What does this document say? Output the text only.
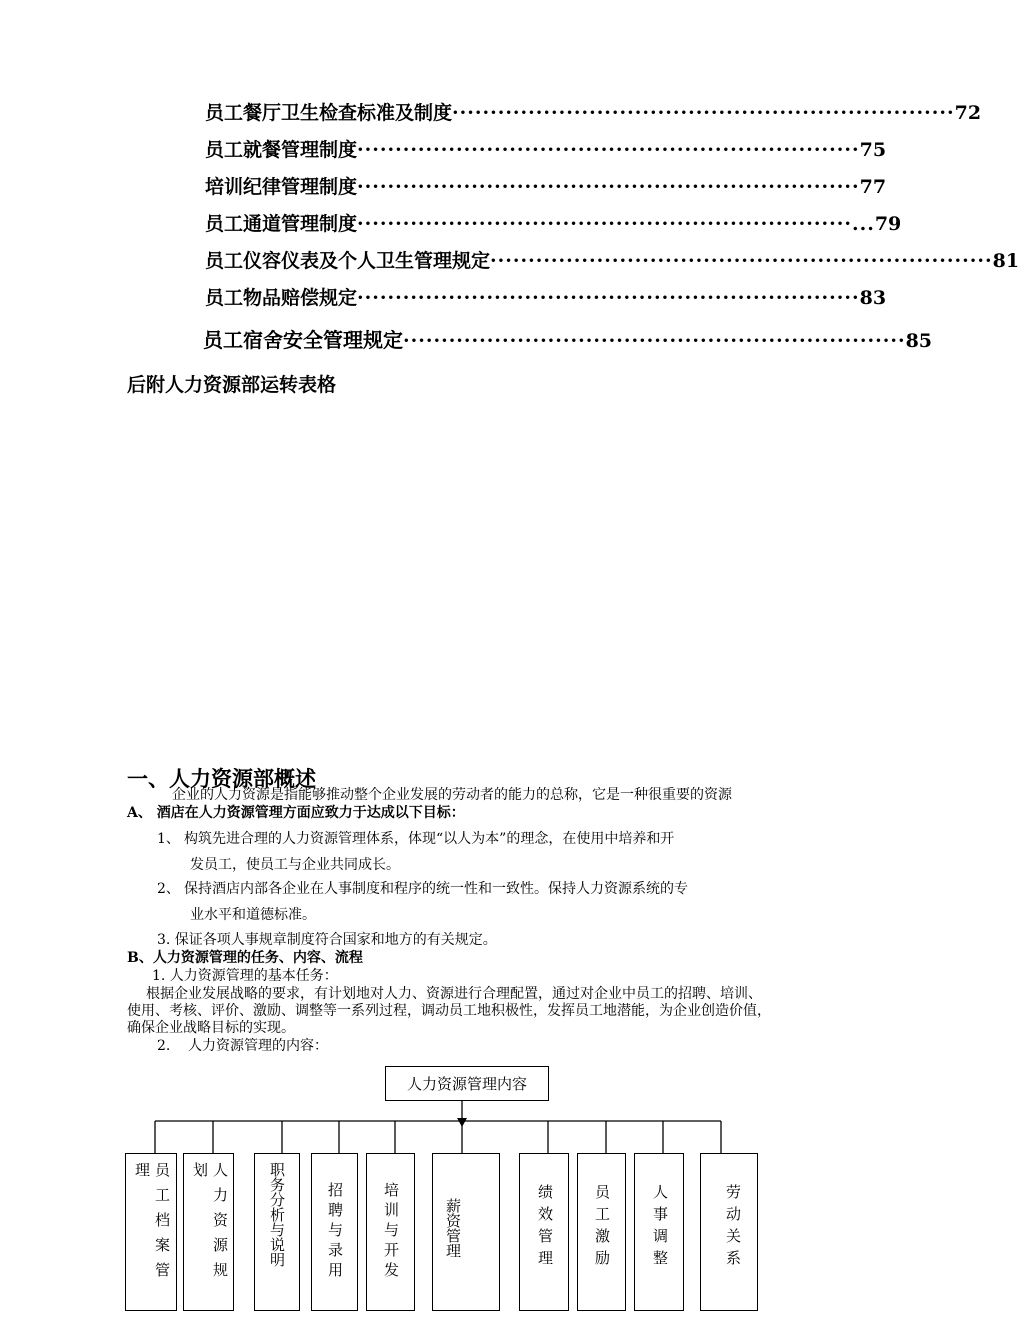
员工餐厅卫生检查标准及制度 ·································································· 72
员工就餐管理制度 ·································································· 75
培训纪律管理制度 ·································································· 77
员工通道管理制度 ·································································... 79
员工仪容仪表及个人卫生管理规定 ·································································· 81
员工物品赔偿规定 ·································································· 83
员工宿舍安全管理规定 ·································································· 85
后附人力资源部运转表格
一、人力资源部概述
企业的人力资源是指能够推动整个企业发展的劳动者的能力的总称，它是一种很重要的资源
A、 酒店在人力资源管理方面应致力于达成以下目标：
1、 构筑先进合理的人力资源管理体系，体现“以人为本”的理念，在使用中培养和开
发员工，使员工与企业共同成长。
2、 保持酒店内部各企业在人事制度和程序的统一性和一致性。保持人力资源系统的专
业水平和道德标准。
3. 保证各项人事规章制度符合国家和地方的有关规定。
B、人力资源管理的任务、内容、流程
1. 人力资源管理的基本任务：
根据企业发展战略的要求，有计划地对人力、资源进行合理配置，通过对企业中员工的招聘、培训、
使用、考核、评价、激励、调整等一系列过程，调动员工地积极性，发挥员工地潜能，为企业创造价值，
确保企业战略目标的实现。
2. 人力资源管理的内容：
人力资源管理内容
理 员工档案管 划 人力资源规	职务分析与说明	招聘与录用	培训与开发	薪资管理	绩效管理	员工激励	人事调整	劳动关系
